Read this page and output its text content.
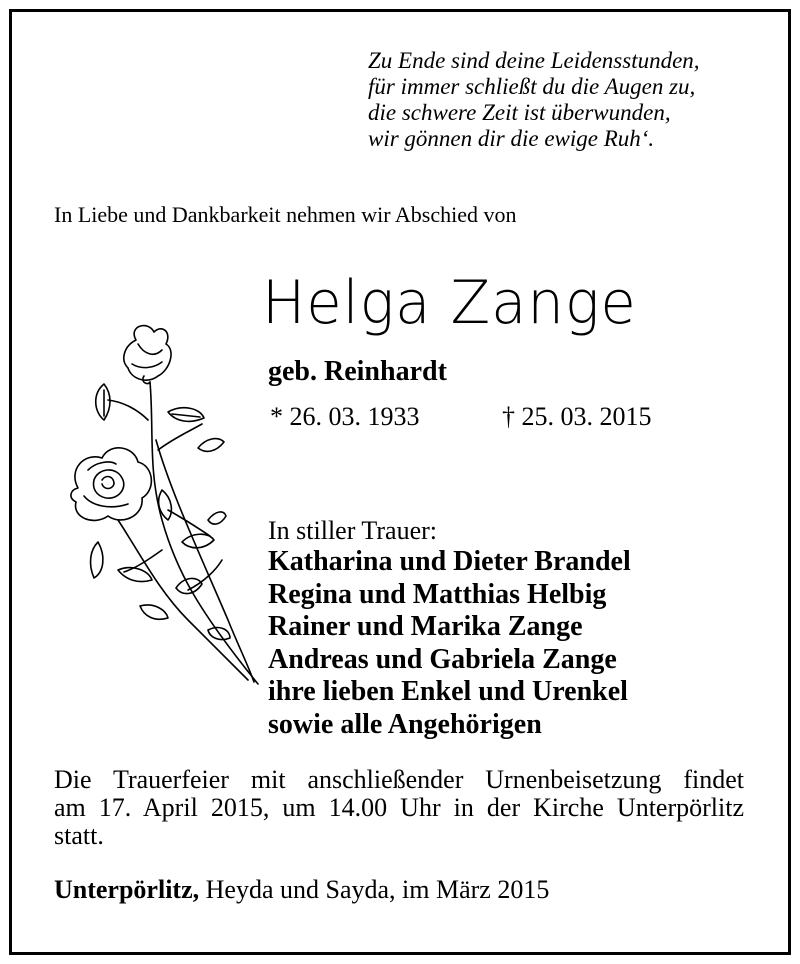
Zu Ende sind deine Leidensstunden,
für immer schließt du die Augen zu,
die schwere Zeit ist überwunden,
wir gönnen dir die ewige Ruh‘.
In Liebe und Dankbarkeit nehmen wir Abschied von
Helga Zange
geb. Reinhardt
* 26. 03. 1933	† 25. 03. 2015
In stiller Trauer:
Katharina und Dieter Brandel
Regina und Matthias Helbig
Rainer und Marika Zange
Andreas und Gabriela Zange
ihre lieben Enkel und Urenkel
sowie alle Angehörigen
Die Trauerfeier mit anschließender Urnenbeisetzung findet
am 17. April 2015, um 14.00 Uhr in der Kirche Unterpörlitz
statt.
Unterpörlitz, Heyda und Sayda, im März 2015
